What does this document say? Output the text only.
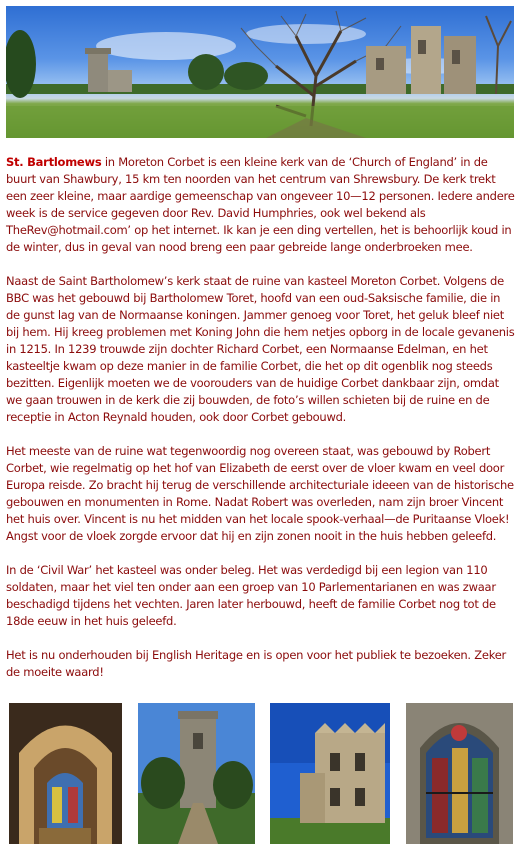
St. Bartlomews in Moreton Corbet is een kleine kerk van de ‘Church of England’ in de buurt van Shawbury, 15 km ten noorden van het centrum van Shrewsbury. De kerk trekt een zeer kleine, maar aardige gemeenschap van ongeveer 10—12 personen. Iedere andere week is de service gegeven door Rev. David Humphries, ook wel bekend als TheRev@hotmail.com’ op het internet. Ik kan je een ding vertellen, het is behoorlijk koud in de winter, dus in geval van nood breng een paar gebreide lange onderbroeken mee.

Naast de Saint Bartholomew’s kerk staat de ruine van kasteel Moreton Corbet. Volgens de BBC was het gebouwd bij Bartholomew Toret, hoofd van een oud-Saksische familie, die in de gunst lag van de Normaanse koningen. Jammer genoeg voor Toret, het geluk bleef niet bij hem. Hij kreeg problemen met Koning John die hem netjes opborg in de locale gevanenis in 1215. In 1239 trouwde zijn dochter Richard Corbet, een Normaanse Edelman, en het kasteeltje kwam op deze manier in de familie Corbet, die het op dit ogenblik nog steeds bezitten. Eigenlijk moeten we de voorouders van de huidige Corbet dankbaar zijn, omdat we gaan trouwen in de kerk die zij bouwden, de foto’s willen schieten bij de ruine en de receptie in Acton Reynald houden, ook door Corbet gebouwd.

Het meeste van de ruine wat tegenwoordig nog overeen staat, was gebouwd by Robert Corbet, wie regelmatig op het hof van Elizabeth de eerst over de vloer kwam en veel door Europa reisde. Zo bracht hij terug de verschillende architecturiale ideeen van de historische gebouwen en monumenten in Rome. Nadat Robert was overleden, nam zijn broer Vincent het huis over. Vincent is nu het midden van het locale spook-verhaal—de Puritaanse Vloek! Angst voor de vloek zorgde ervoor dat hij en zijn zonen nooit in the huis hebben geleefd.

In de ‘Civil War’ het kasteel was onder beleg. Het was verdedigd bij een legion van 110 soldaten, maar het viel ten onder aan een groep van 10 Parlementarianen en was zwaar beschadigd tijdens het vechten. Jaren later herbouwd, heeft de familie Corbet nog tot de 18de eeuw in het huis geleefd.

Het is nu onderhouden bij English Heritage en is open voor het publiek te bezoeken. Zeker de moeite waard!
